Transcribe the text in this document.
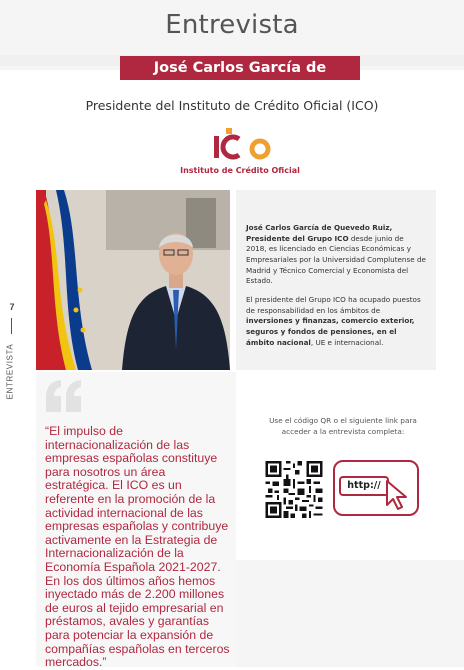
Entrevista
José Carlos García de Quevedo
Presidente del Instituto de Crédito Oficial (ICO)
Instituto de Crédito Oficial
7
ENTREVISTA

José Carlos García de Quevedo Ruiz, Presidente del Grupo ICO desde junio de 2018, es licenciado en Ciencias Económicas y Empresariales por la Universidad Complutense de Madrid y Técnico Comercial y Economista del Estado.

El presidente del Grupo ICO ha ocupado puestos de responsabilidad en los ámbitos de inversiones y finanzas, comercio exterior, seguros y fondos de pensiones, en el ámbito nacional, UE e internacional.

“El impulso de internacionalización de las empresas españolas constituye para nosotros un área estratégica. El ICO es un referente en la promoción de la actividad internacional de las empresas españolas y contribuye activamente en la Estrategia de Internacionalización de la Economía Española 2021-2027. En los dos últimos años hemos inyectado más de 2.200 millones de euros al tejido empresarial en préstamos, avales y garantías para potenciar la expansión de compañías españolas en terceros mercados.”

Use el código QR o el siguiente link para acceder a la entrevista completa:
http://
